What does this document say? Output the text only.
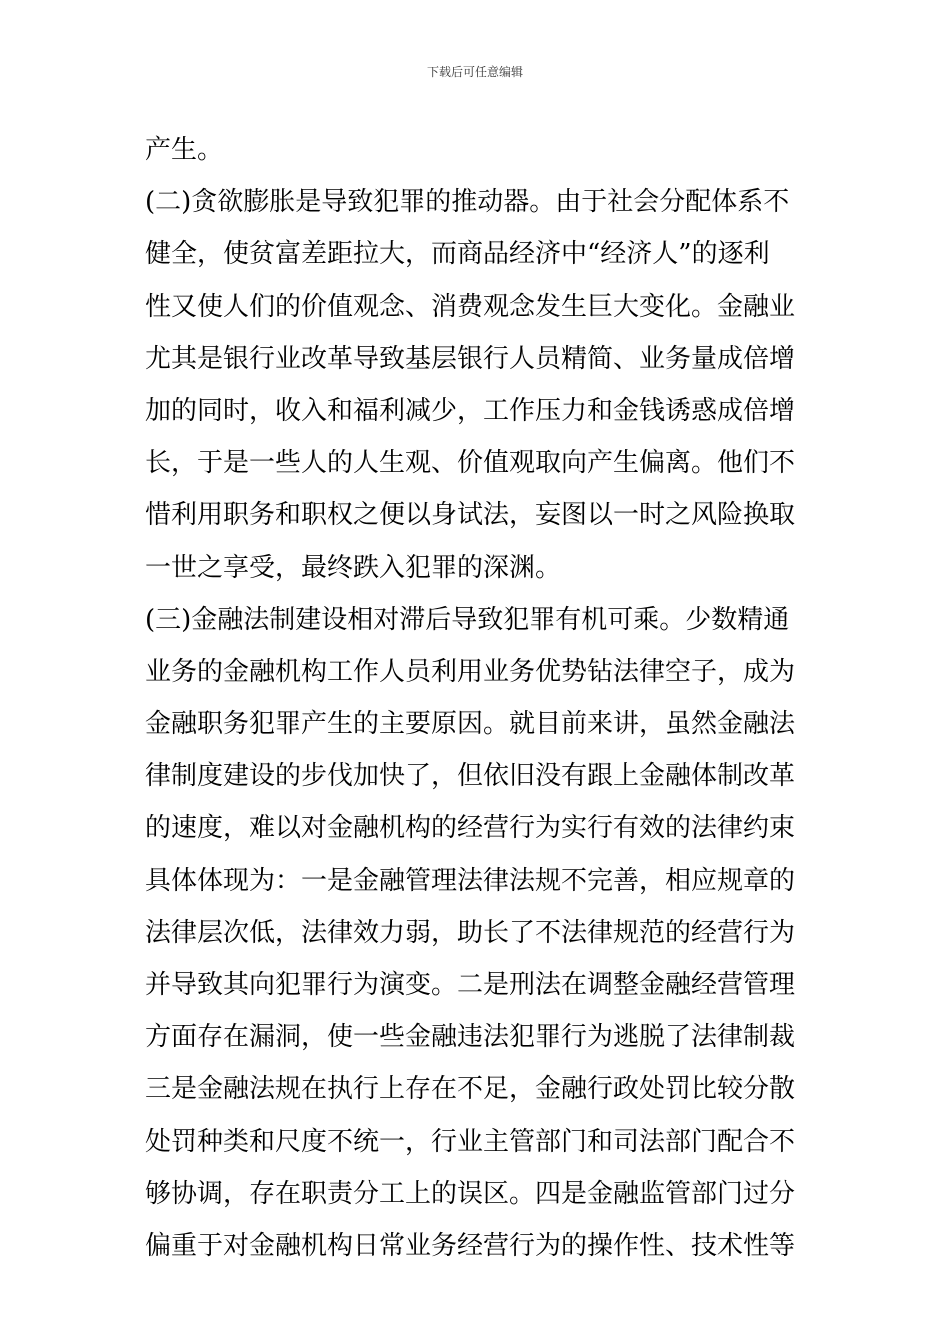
下载后可任意编辑
产生。
(二)贪欲膨胀是导致犯罪的推动器。由于社会分配体系不
健全，使贫富差距拉大，而商品经济中“经济人”的逐利
性又使人们的价值观念、消费观念发生巨大变化。金融业
尤其是银行业改革导致基层银行人员精简、业务量成倍增
加的同时，收入和福利减少，工作压力和金钱诱惑成倍增
长，于是一些人的人生观、价值观取向产生偏离。他们不
惜利用职务和职权之便以身试法，妄图以一时之风险换取
一世之享受，最终跌入犯罪的深渊。
(三)金融法制建设相对滞后导致犯罪有机可乘。少数精通
业务的金融机构工作人员利用业务优势钻法律空子，成为
金融职务犯罪产生的主要原因。就目前来讲，虽然金融法
律制度建设的步伐加快了，但依旧没有跟上金融体制改革
的速度，难以对金融机构的经营行为实行有效的法律约束
具体体现为：一是金融管理法律法规不完善，相应规章的
法律层次低，法律效力弱，助长了不法律规范的经营行为
并导致其向犯罪行为演变。二是刑法在调整金融经营管理
方面存在漏洞，使一些金融违法犯罪行为逃脱了法律制裁
三是金融法规在执行上存在不足，金融行政处罚比较分散
处罚种类和尺度不统一，行业主管部门和司法部门配合不
够协调，存在职责分工上的误区。四是金融监管部门过分
偏重于对金融机构日常业务经营行为的操作性、技术性等
